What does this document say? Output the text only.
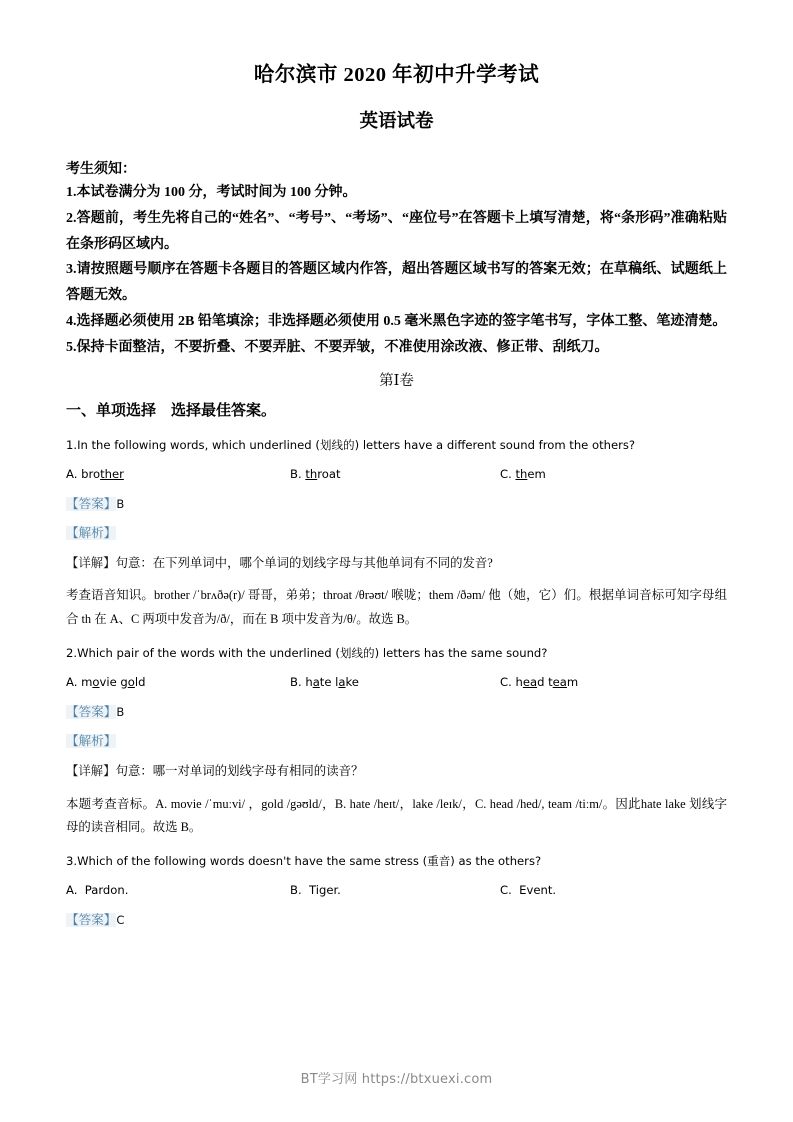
哈尔滨市 2020 年初中升学考试
英语试卷

考生须知：

1.本试卷满分为 100 分，考试时间为 100 分钟。

2.答题前，考生先将自己的“姓名”、“考号”、“考场”、“座位号”在答题卡上填写清楚，将“条形码”准确粘贴在条形码区域内。

3.请按照题号顺序在答题卡各题目的答题区域内作答，超出答题区域书写的答案无效；在草稿纸、试题纸上答题无效。

4.选择题必须使用 2B 铅笔填涂；非选择题必须使用 0.5 毫米黑色字迹的签字笔书写，字体工整、笔迹清楚。

5.保持卡面整洁，不要折叠、不要弄脏、不要弄皱，不准使用涂改液、修正带、刮纸刀。

第Ⅰ卷

一、单项选择　选择最佳答案。

1.In the following words, which underlined (划线的) letters have a different sound from the others?

A. brother	B. throat	C. them

【答案】B

【解析】

【详解】句意：在下列单词中，哪个单词的划线字母与其他单词有不同的发音?

考查语音知识。brother /ˈbrʌðə(r)/ 哥哥，弟弟；throat /θrəʊt/ 喉咙；them /ðəm/ 他（她，它）们。根据单词音标可知字母组合 th 在 A、C 两项中发音为/ð/，而在 B 项中发音为/θ/。故选 B。

2.Which pair of the words with the underlined (划线的) letters has the same sound?

A. movie gold	B. hate lake	C. head team

【答案】B

【解析】

【详解】句意：哪一对单词的划线字母有相同的读音？

本题考查音标。A. movie /ˈmuːvi/ ，gold /gəʊld/，B. hate /heɪt/，lake /leɪk/，C. head /hed/, team /tiːm/。因此hate lake 划线字母的读音相同。故选 B。

3.Which of the following words doesn't have the same stress (重音) as the others?

A. Pardon.	B. Tiger.	C. Event.

【答案】C

BT学习网 https://btxuexi.com
